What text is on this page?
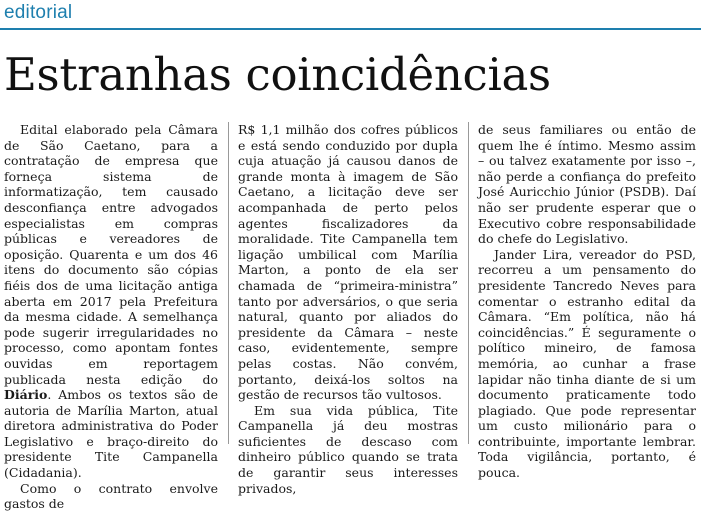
editorial
Estranhas coincidências

Edital elaborado pela Câmara de São Caetano, para a contratação de empresa que forneça sistema de informatização, tem causado desconfiança entre advogados especialistas em compras públicas e vereadores de oposição. Quarenta e um dos 46 itens do documento são cópias fiéis dos de uma licitação antiga aberta em 2017 pela Prefeitura da mesma cidade. A semelhança pode sugerir irregularidades no processo, como apontam fontes ouvidas em reportagem publicada nesta edição do Diário. Ambos os textos são de autoria de Marília Marton, atual diretora administrativa do Poder Legislativo e braço-direito do presidente Tite Campanella (Cidadania).

Como o contrato envolve gastos de

R$ 1,1 milhão dos cofres públicos e está sendo conduzido por dupla cuja atuação já causou danos de grande monta à imagem de São Caetano, a licitação deve ser acompanhada de perto pelos agentes fiscalizadores da moralidade. Tite Campanella tem ligação umbilical com Marília Marton, a ponto de ela ser chamada de “primeira-ministra” tanto por adversários, o que seria natural, quanto por aliados do presidente da Câmara – neste caso, evidentemente, sempre pelas costas. Não convém, portanto, deixá-los soltos na gestão de recursos tão vultosos.

Em sua vida pública, Tite Campanella já deu mostras suficientes de descaso com dinheiro público quando se trata de garantir seus interesses privados,

de seus familiares ou então de quem lhe é íntimo. Mesmo assim – ou talvez exatamente por isso –, não perde a confiança do prefeito José Auricchio Júnior (PSDB). Daí não ser prudente esperar que o Executivo cobre responsabilidade do chefe do Legislativo.

Jander Lira, vereador do PSD, recorreu a um pensamento do presidente Tancredo Neves para comentar o estranho edital da Câmara. “Em política, não há coincidências.” É seguramente o político mineiro, de famosa memória, ao cunhar a frase lapidar não tinha diante de si um documento praticamente todo plagiado. Que pode representar um custo milionário para o contribuinte, importante lembrar. Toda vigilância, portanto, é pouca.
